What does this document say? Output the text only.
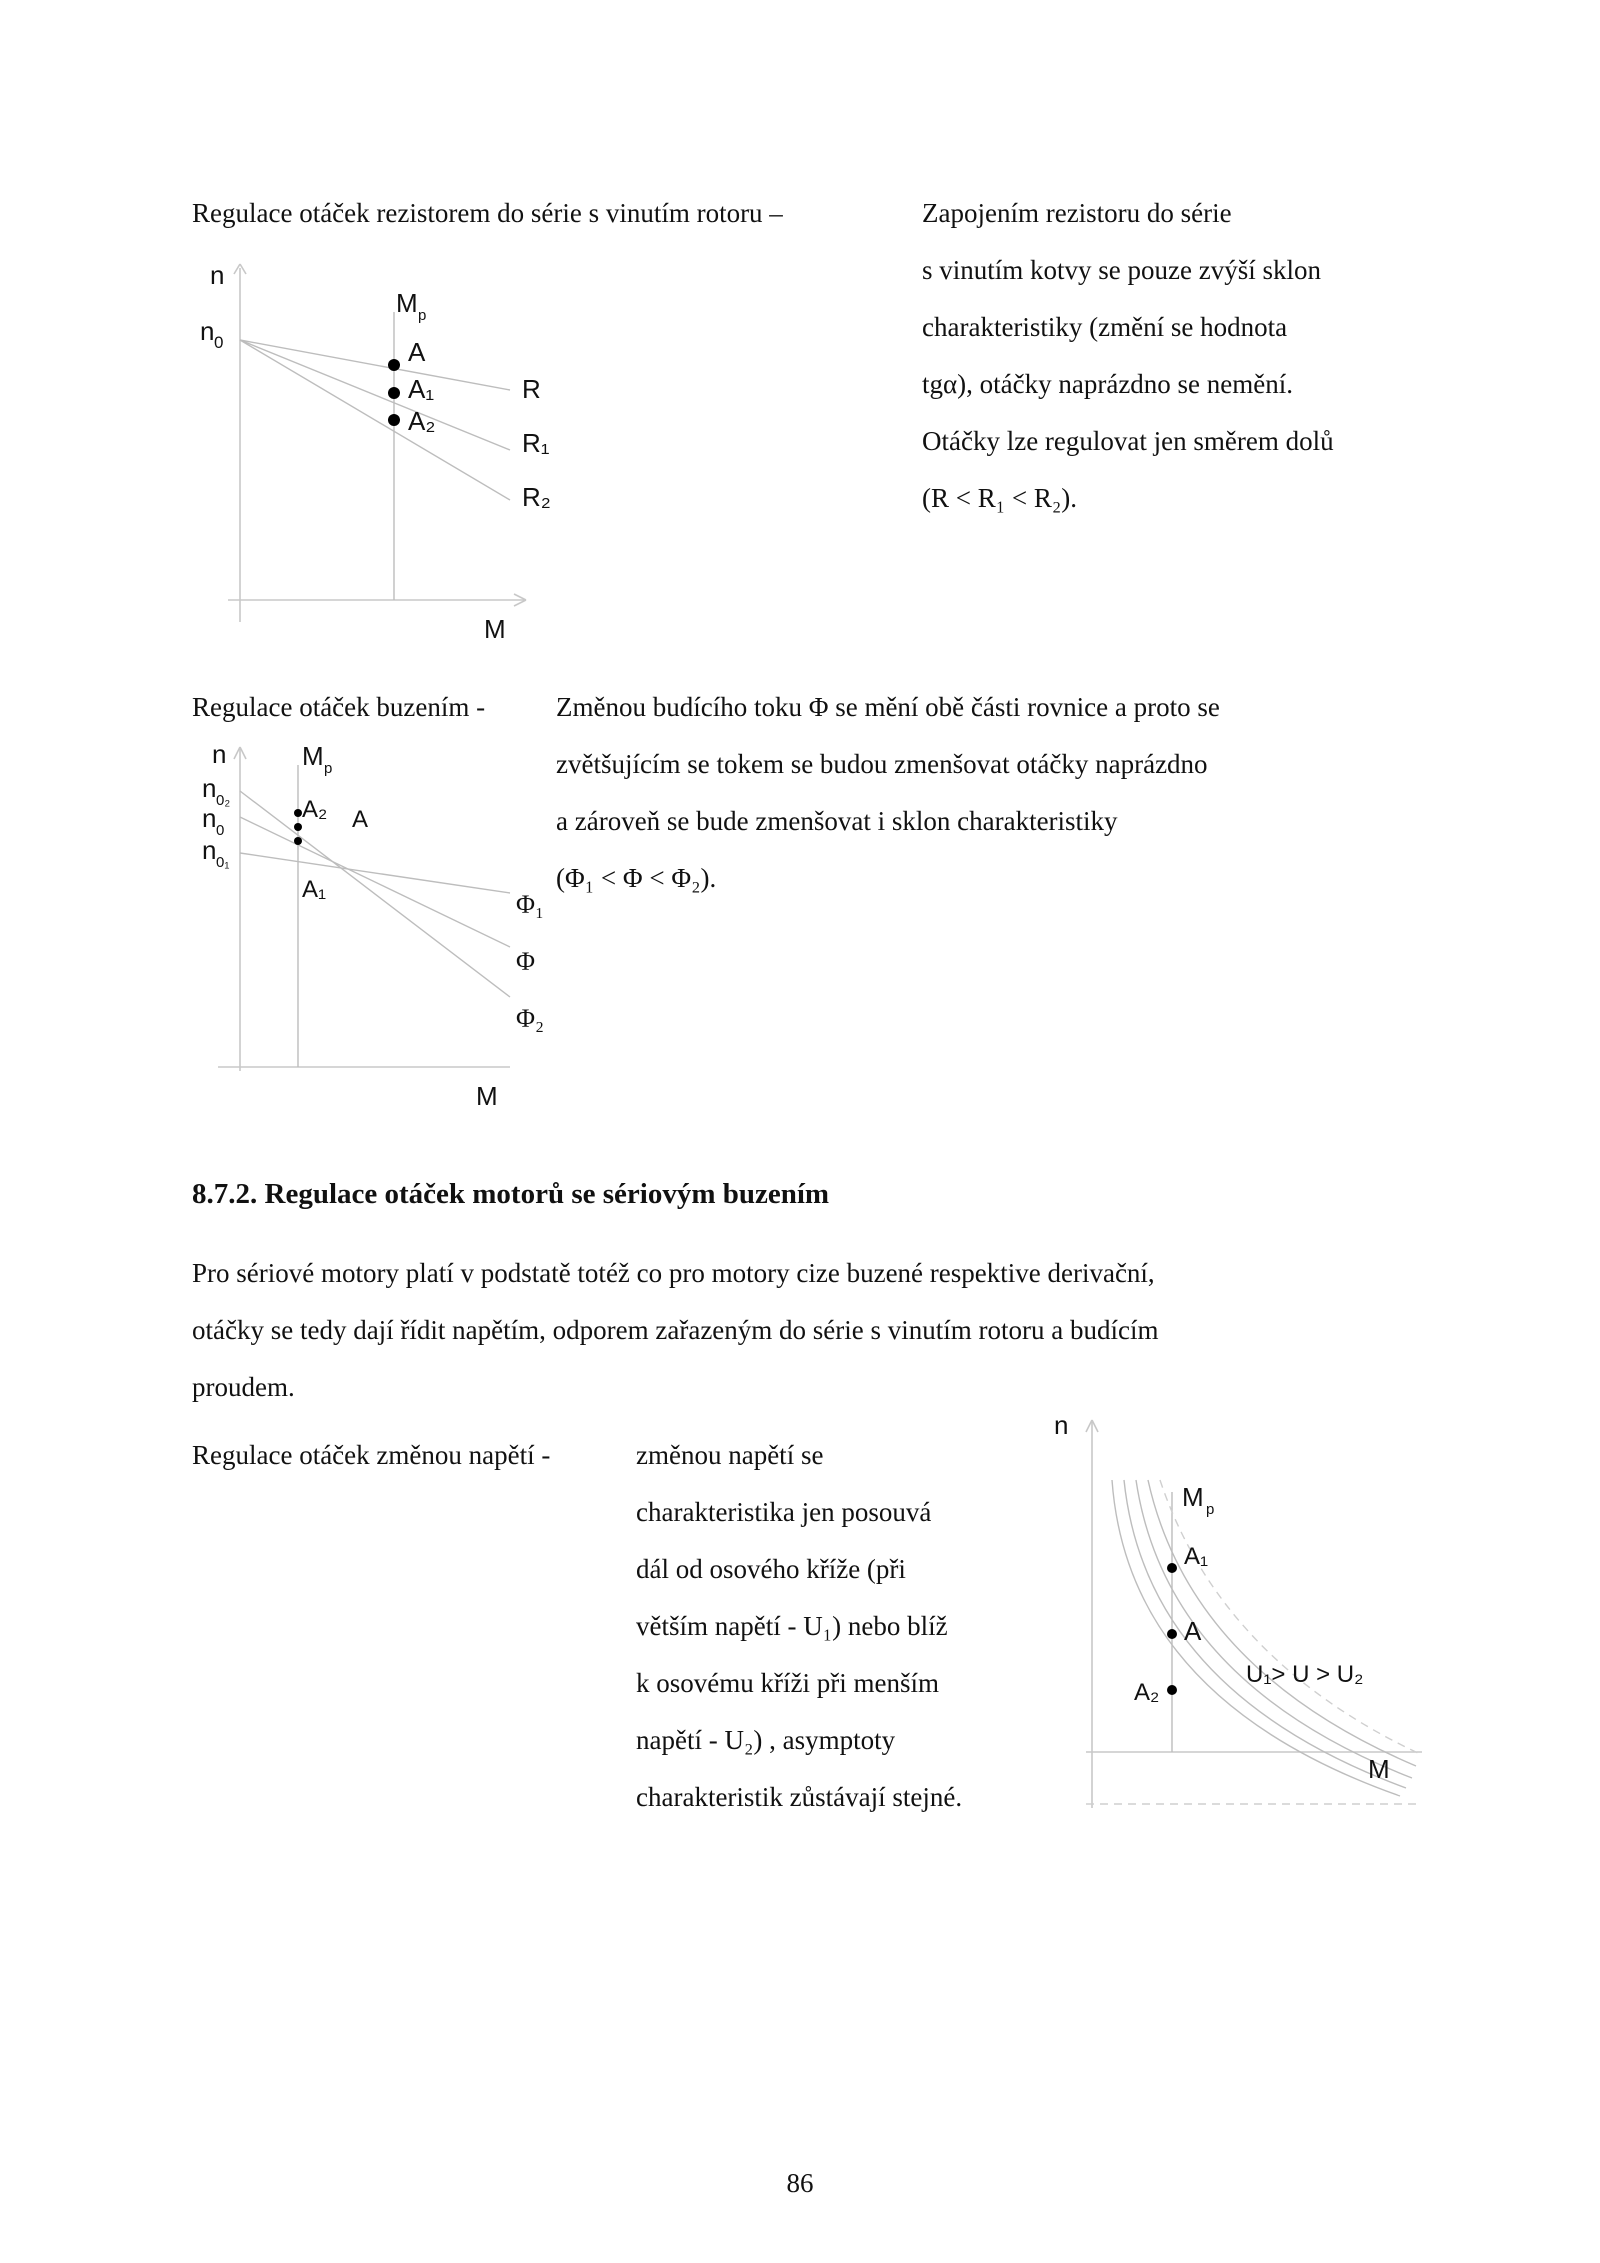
Regulace otáček rezistorem do série s vinutím rotoru –	Zapojením rezistoru do série
s vinutím kotvy se pouze zvýší sklon
charakteristiky (změní se hodnota
tgα), otáčky naprázdno se nemění.
Otáčky lze regulovat jen směrem dolů
(R < R₁ < R₂).
n
n 0
M p
A
A₁
A₂
R
R₁
R₂
M
Regulace otáček buzením -	Změnou budícího toku Φ se mění obě části rovnice a proto se
zvětšujícím se tokem se budou zmenšovat otáčky naprázdno
a zároveň se bude zmenšovat i sklon charakteristiky
(Φ₁ < Φ < Φ₂).
n
n 0₂
n 0
n 0₁
M p
A₂ A
A₁
Φ₁
Φ
Φ₂
M
8.7.2. Regulace otáček motorů se sériovým buzením
Pro sériové motory platí v podstatě totéž co pro motory cize buzené respektive derivační,
otáčky se tedy dají řídit napětím, odporem zařazeným do série s vinutím rotoru a budícím
proudem.
Regulace otáček změnou napětí -	změnou napětí se
charakteristika jen posouvá
dál od osového kříže (při
větším napětí - U₁) nebo blíž
k osovému kříži při menším
napětí - U₂) , asymptoty
charakteristik zůstávají stejné.
n
M p
A₁
A
A₂
U₁> U > U₂
M
86
